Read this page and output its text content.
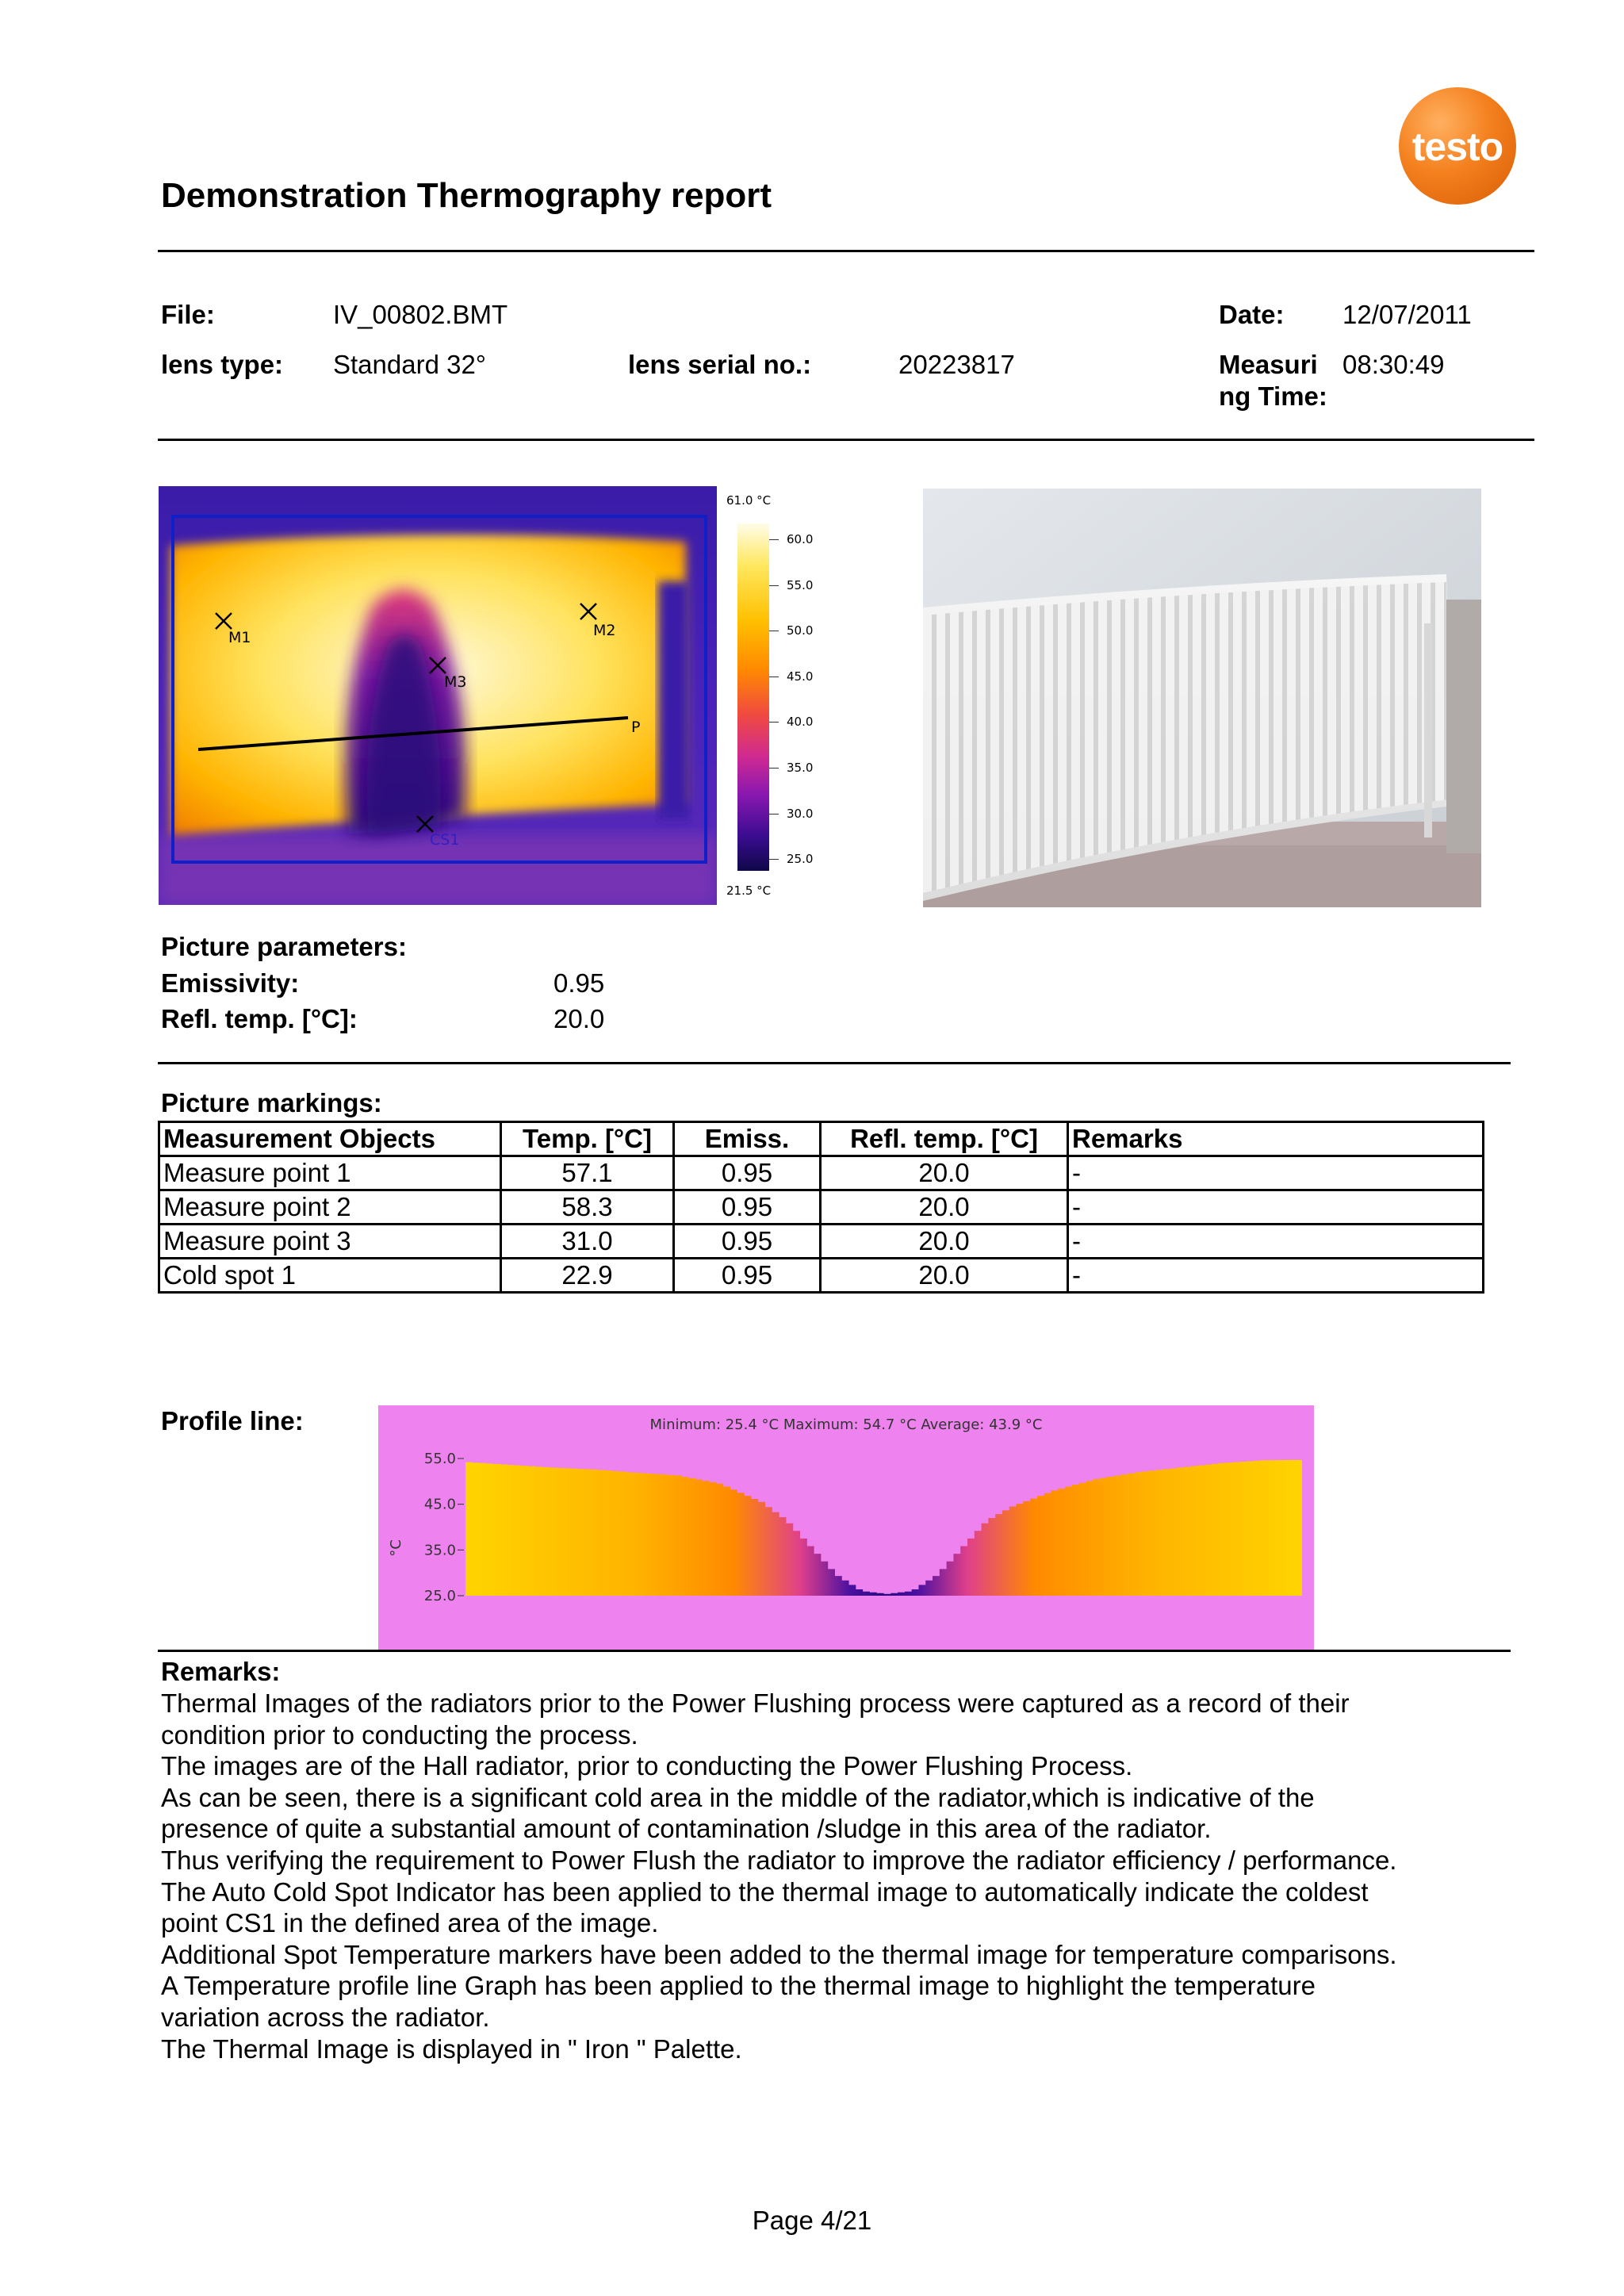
Demonstration Thermography report
testo
File:	IV_00802.BMT	Date: 12/07/2011
lens type: Standard 32°	lens serial no.:	20223817	Measuri
ng Time:
08:30:49
M1	M2
M3
CS1
P
61.0 °C
60.0
55.0
50.0
45.0
40.0
35.0
30.0
25.0
21.5 °C
Picture parameters:
Emissivity:	0.95
Refl. temp. [°C]:	20.0
Picture markings:
Measurement Objects	Temp. [°C]	Emiss.	Refl. temp. [°C]	Remarks
Measure point 1	57.1	0.95	20.0	-
Measure point 2	58.3	0.95	20.0	-
Measure point 3	31.0	0.95	20.0	-
Cold spot 1	22.9	0.95	20.0	-
Profile line:	Minimum: 25.4 °C Maximum: 54.7 °C Average: 43.9 °C
°C
55.0
45.0
35.0
25.0
Remarks:
Thermal Images of the radiators prior to the Power Flushing process were captured as a record of their
condition prior to conducting the process.
The images are of the Hall radiator, prior to conducting the Power Flushing Process.
As can be seen, there is a significant cold area in the middle of the radiator,which is indicative of the
presence of quite a substantial amount of contamination /sludge in this area of the radiator.
Thus verifying the requirement to Power Flush the radiator to improve the radiator efficiency / performance.
The Auto Cold Spot Indicator has been applied to the thermal image to automatically indicate the coldest
point CS1 in the defined area of the image.
Additional Spot Temperature markers have been added to the thermal image for temperature comparisons.
A Temperature profile line Graph has been applied to the thermal image to highlight the temperature
variation across the radiator.
The Thermal Image is displayed in " Iron " Palette.
Page 4/21
